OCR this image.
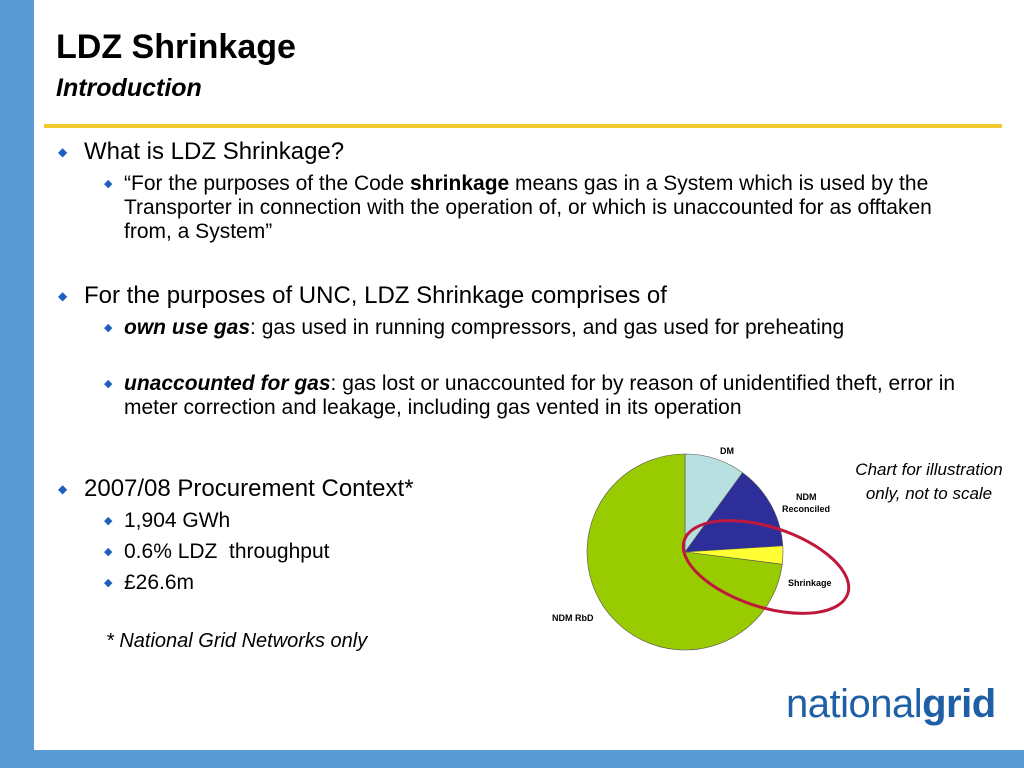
LDZ Shrinkage
Introduction
◆ What is LDZ Shrinkage?
◆ “For the purposes of the Code shrinkage means gas in a System which is used by the Transporter in connection with the operation of, or which is unaccounted for as offtaken from, a System”
◆ For the purposes of UNC, LDZ Shrinkage comprises of
◆ own use gas: gas used in running compressors, and gas used for preheating
◆ unaccounted for gas: gas lost or unaccounted for by reason of unidentified theft, error in meter correction and leakage, including gas vented in its operation
◆ 2007/08 Procurement Context*
◆ 1,904 GWh
◆ 0.6% LDZ  throughput
◆ £26.6m
* National Grid Networks only
DM
NDM Reconciled
Shrinkage
NDM RbD
Chart for illustration only, not to scale
nationalgrid
